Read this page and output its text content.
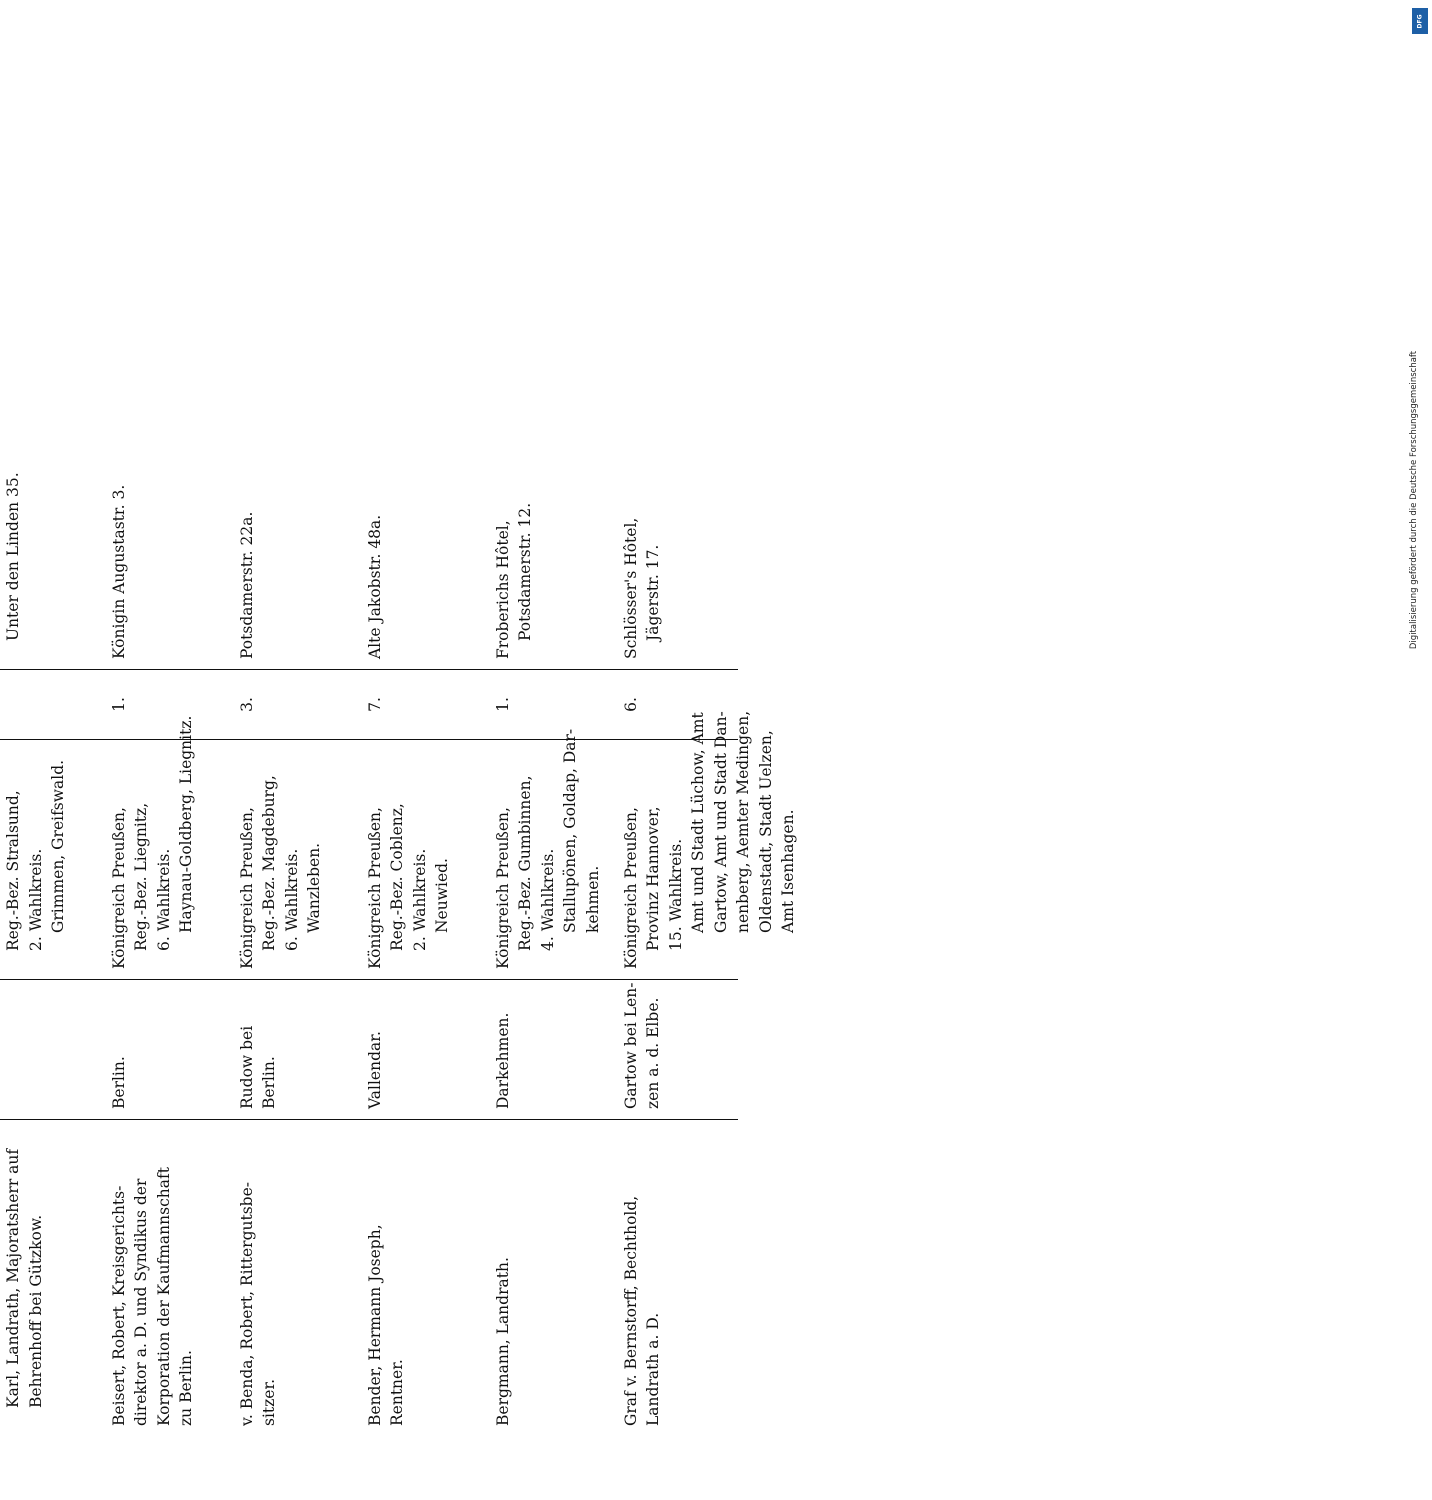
Karl, Landrath, Majoratsherr auf Behrenhoff bei Gützkow.
Reg.-Bez. Stralsund, 2. Wahlkreis. Grimmen, Greifswald.
Unter den Linden 35.
Beisert, Robert, Kreisgerichts- direktor a. D. und Syndikus der Korporation der Kaufmannschaft zu Berlin.
Berlin.
Königreich Preußen, Reg.-Bez. Liegnitz, 6. Wahlkreis. Haynau-Goldberg, Liegnitz.
1.
Königin Augustastr. 3.
v. Benda, Robert, Rittergutsbe- sitzer.
Rudow bei Berlin.
Königreich Preußen, Reg.-Bez. Magdeburg, 6. Wahlkreis. Wanzleben.
3.
Potsdamerstr. 22a.
Bender, Hermann Joseph, Rentner.
Vallendar.
Königreich Preußen, Reg.-Bez. Coblenz, 2. Wahlkreis. Neuwied.
7.
Alte Jakobstr. 48a.
Bergmann, Landrath.
Darkehmen.
Königreich Preußen, Reg.-Bez. Gumbinnen, 4. Wahlkreis. Stallupönen, Goldap, Dar- kehmen.
1.
Froberichs Hôtel, Potsdamerstr. 12.
Graf v. Bernstorff, Bechthold, Landrath a. D.
Gartow bei Len- zen a. d. Elbe.
Königreich Preußen, Provinz Hannover, 15. Wahlkreis. Amt und Stadt Lüchow, Amt Gartow, Amt und Stadt Dan- nenberg, Aemter Medingen, Oldenstadt, Stadt Uelzen, Amt Isenhagen.
6.
Schlösser's Hôtel, Jägerstr. 17.	Digitalisierung gefördert durch die Deutsche Forschungsgemeinschaft
DFG
